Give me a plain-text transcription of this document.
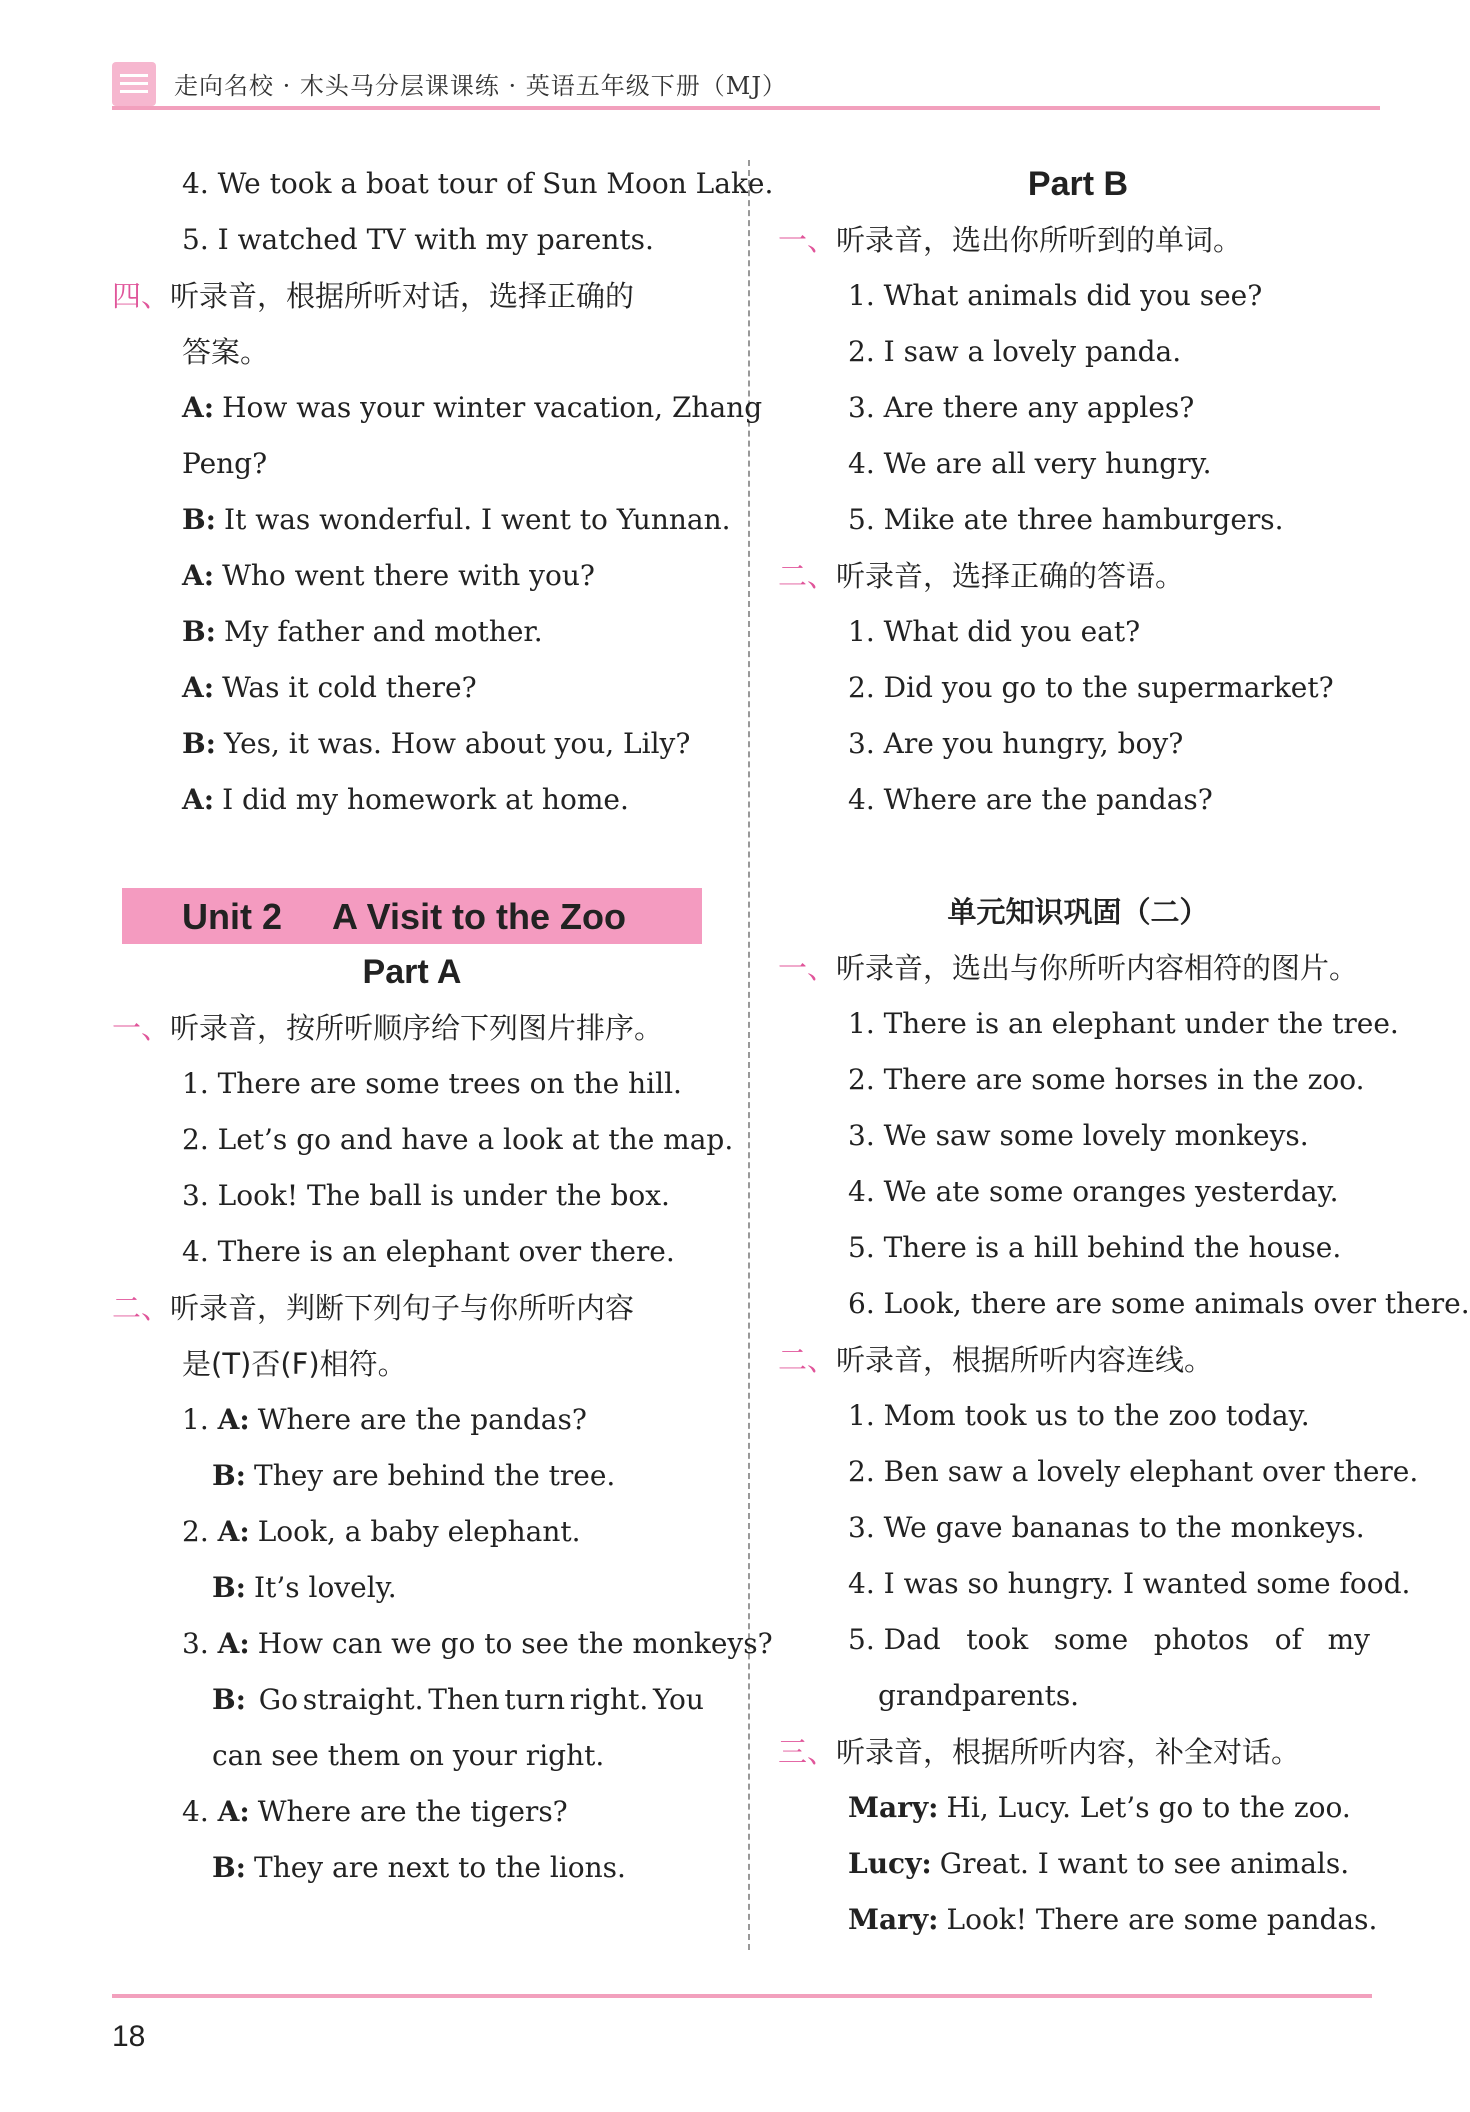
走向名校 · 木头马分层课课练 · 英语五年级下册（MJ）
4. We took a boat tour of Sun Moon Lake.
5. I watched TV with my parents.
四、听录音，根据所听对话，选择正确的
答案。
A: How was your winter vacation, Zhang
Peng?
B: It was wonderful. I went to Yunnan.
A: Who went there with you?
B: My father and mother.
A: Was it cold there?
B: Yes, it was. How about you, Lily?
A: I did my homework at home.
Unit 2 A Visit to the Zoo
Part A
一、听录音，按所听顺序给下列图片排序。
1. There are some trees on the hill.
2. Let’s go and have a look at the map.
3. Look! The ball is under the box.
4. There is an elephant over there.
二、听录音，判断下列句子与你所听内容
是(T)否(F)相符。
1. A: Where are the pandas?
B: They are behind the tree.
2. A: Look, a baby elephant.
B: It’s lovely.
3. A: How can we go to see the monkeys?
B: Go straight. Then turn right. You
can see them on your right.
4. A: Where are the tigers?
B: They are next to the lions.
Part B
一、听录音，选出你所听到的单词。
1. What animals did you see?
2. I saw a lovely panda.
3. Are there any apples?
4. We are all very hungry.
5. Mike ate three hamburgers.
二、听录音，选择正确的答语。
1. What did you eat?
2. Did you go to the supermarket?
3. Are you hungry, boy?
4. Where are the pandas?
单元知识巩固（二）
一、听录音，选出与你所听内容相符的图片。
1. There is an elephant under the tree.
2. There are some horses in the zoo.
3. We saw some lovely monkeys.
4. We ate some oranges yesterday.
5. There is a hill behind the house.
6. Look, there are some animals over there.
二、听录音，根据所听内容连线。
1. Mom took us to the zoo today.
2. Ben saw a lovely elephant over there.
3. We gave bananas to the monkeys.
4. I was so hungry. I wanted some food.
5. Dad took some photos of my
grandparents.
三、听录音，根据所听内容，补全对话。
Mary: Hi, Lucy. Let’s go to the zoo.
Lucy: Great. I want to see animals.
Mary: Look! There are some pandas.
18
